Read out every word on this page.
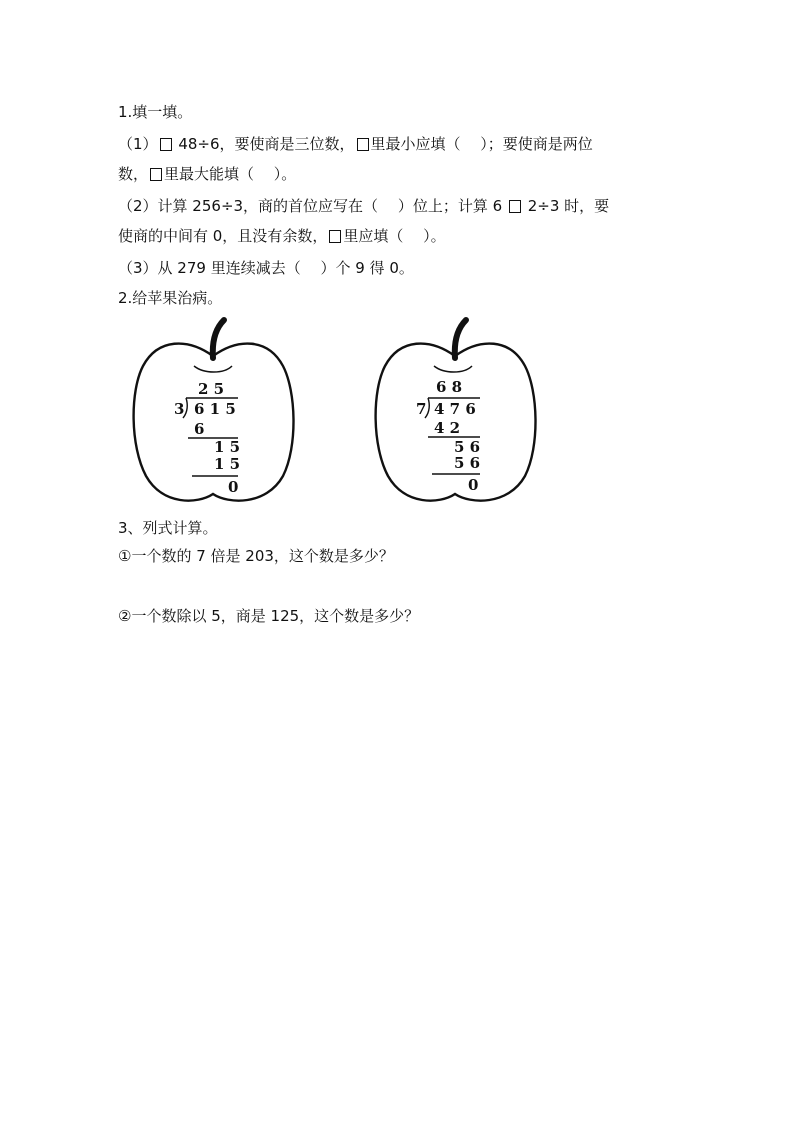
1.填一填。
（1） 48÷6，要使商是三位数， 里最小应填（　 ）；要使商是两位
数， 里最大能填（　 ）。
（2）计算 256÷3，商的首位应写在（　 ）位上；计算 6 2÷3 时，要
使商的中间有 0，且没有余数， 里应填（　 ）。
（3）从 279 里连续减去（　 ）个 9 得 0。
2.给苹果治病。
2 5
3 6 1 5
6
1 5
1 5
0
6 8
7 4 7 6
4 2
5 6
5 6
0
3、列式计算。
①一个数的 7 倍是 203，这个数是多少？
②一个数除以 5，商是 125，这个数是多少？
